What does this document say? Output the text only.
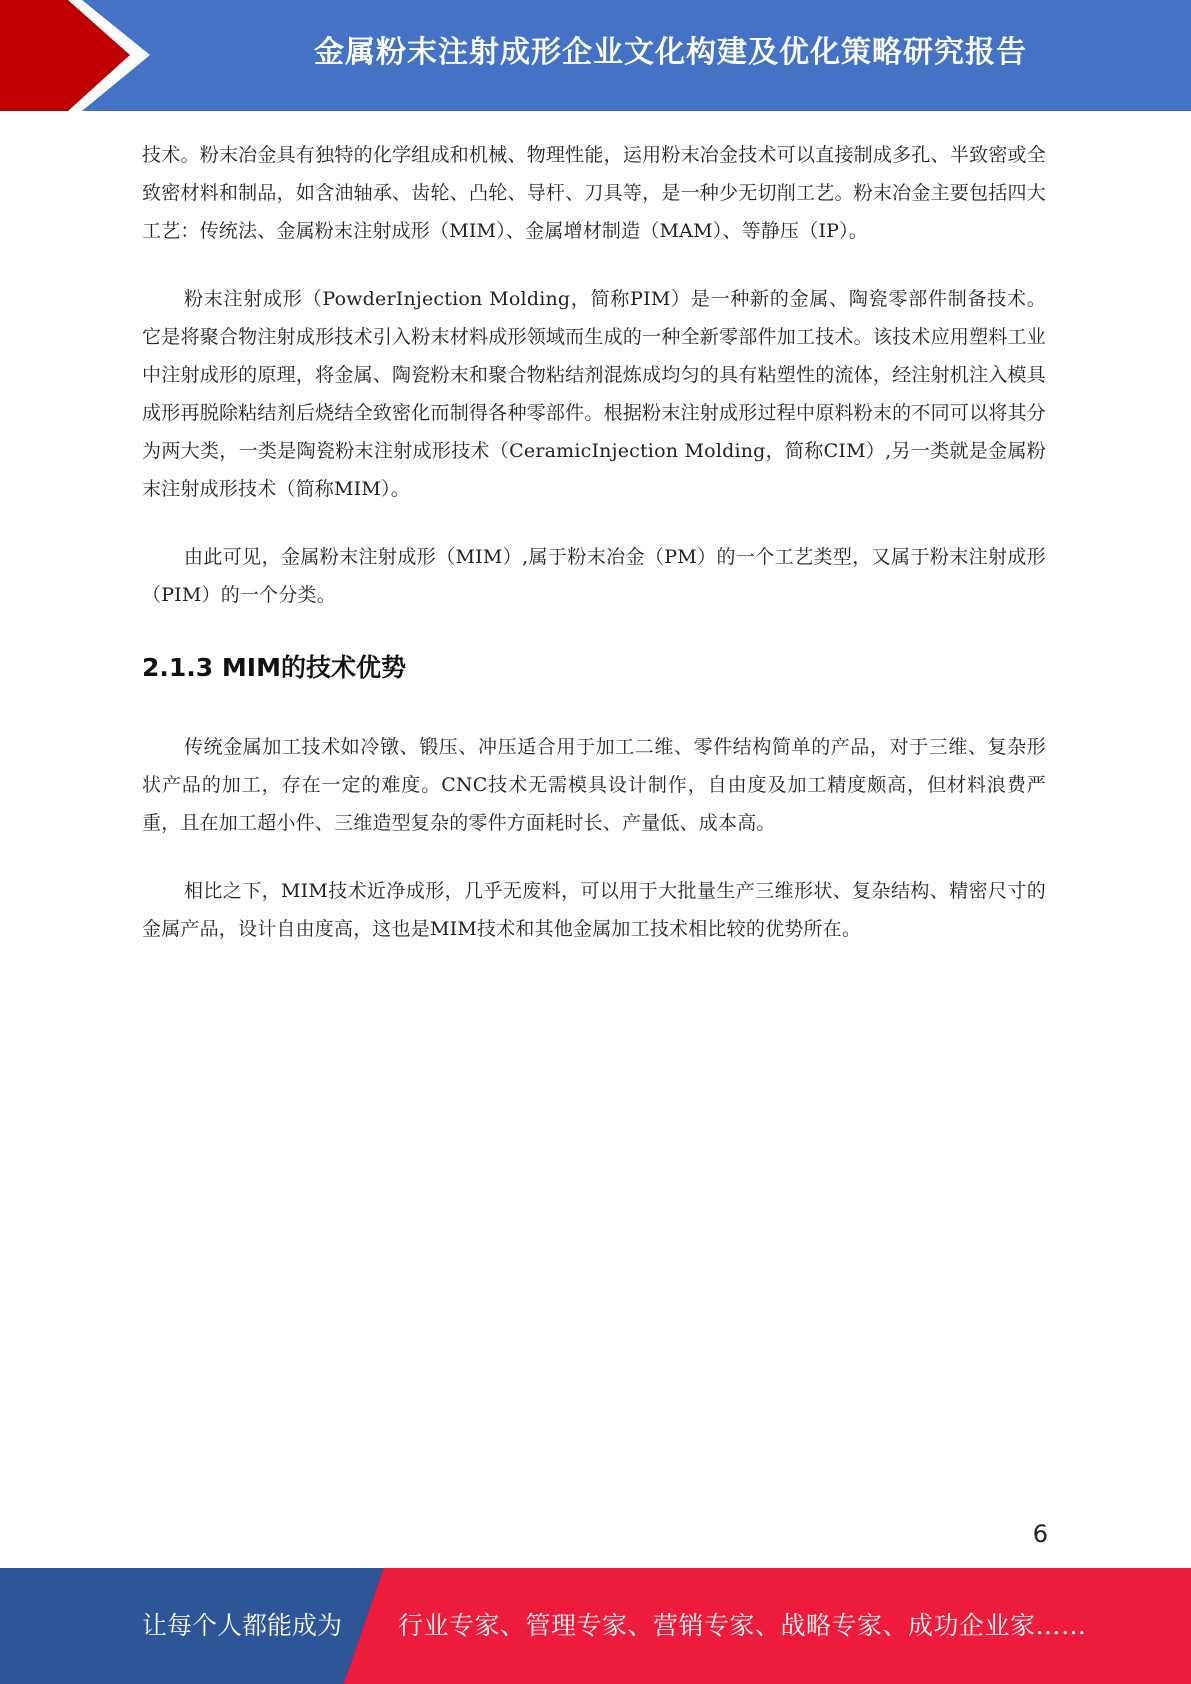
金属粉末注射成形企业文化构建及优化策略研究报告

技术。粉末冶金具有独特的化学组成和机械、物理性能，运用粉末冶金技术可以直接制成多孔、半致密或全致密材料和制品，如含油轴承、齿轮、凸轮、导杆、刀具等，是一种少无切削工艺。粉末冶金主要包括四大工艺：传统法、金属粉末注射成形（MIM）、金属增材制造（MAM）、等静压（IP）。

粉末注射成形（PowderInjection Molding，简称PIM）是一种新的金属、陶瓷零部件制备技术。它是将聚合物注射成形技术引入粉末材料成形领域而生成的一种全新零部件加工技术。该技术应用塑料工业中注射成形的原理，将金属、陶瓷粉末和聚合物粘结剂混炼成均匀的具有粘塑性的流体，经注射机注入模具成形再脱除粘结剂后烧结全致密化而制得各种零部件。根据粉末注射成形过程中原料粉末的不同可以将其分为两大类，一类是陶瓷粉末注射成形技术（CeramicInjection Molding，简称CIM）,另一类就是金属粉末注射成形技术（简称MIM）。

由此可见，金属粉末注射成形（MIM）,属于粉末冶金（PM）的一个工艺类型，又属于粉末注射成形（PIM）的一个分类。

2.1.3 MIM的技术优势

传统金属加工技术如冷镦、锻压、冲压适合用于加工二维、零件结构简单的产品，对于三维、复杂形状产品的加工，存在一定的难度。CNC技术无需模具设计制作，自由度及加工精度颇高，但材料浪费严重，且在加工超小件、三维造型复杂的零件方面耗时长、产量低、成本高。

相比之下，MIM技术近净成形，几乎无废料，可以用于大批量生产三维形状、复杂结构、精密尺寸的金属产品，设计自由度高，这也是MIM技术和其他金属加工技术相比较的优势所在。

6
让每个人都能成为 行业专家、管理专家、营销专家、战略专家、成功企业家……
